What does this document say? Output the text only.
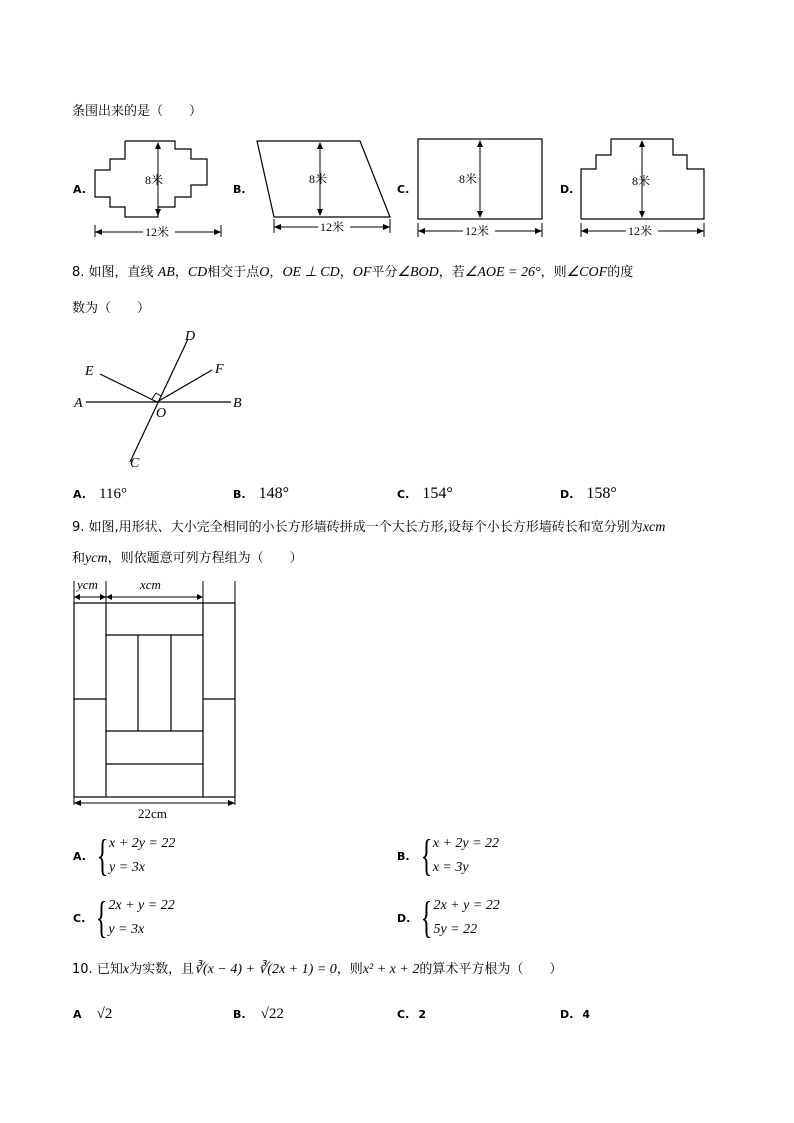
条围出来的是（　　）
A.
8米
12米
B.
8米
12米
C.
8米
12米
D.
8米
12米
8. 如图，直线 AB，CD相交于点O，OE ⊥ CD，OF平分∠BOD，若∠AOE = 26°，则∠COF的度
数为（　　）
A	B
C
D
E	F
O
A. 116°	B. 148°	C. 154°	D. 158°
9. 如图,用形状、大小完全相同的小长方形墙砖拼成一个大长方形,设每个小长方形墙砖长和宽分别为xcm
和ycm，则依题意可列方程组为（　　）
ycm	xcm
22cm
A. { x + 2y = 22
y = 3x
B. { x + 2y = 22
x = 3y
C. { 2x + y = 22
y = 3x
D. { 2x + y = 22
5y = 22
10. 已知x为实数，且∛(x − 4) + ∛(2x + 1) = 0，则x² + x + 2的算术平方根为（　　）
A √2	B. √22	C. 2	D. 4
